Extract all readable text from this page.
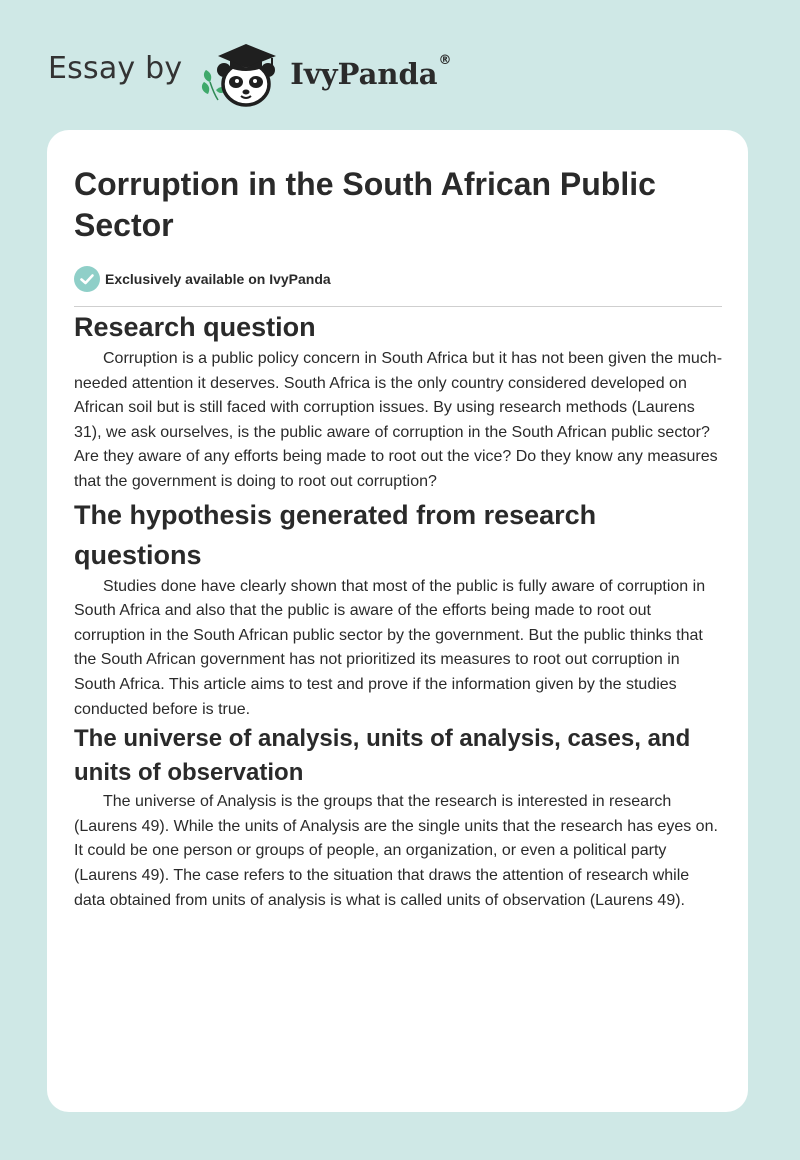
Essay by	IvyPanda ®
Corruption in the South African Public Sector
Exclusively available on IvyPanda
Research question

Corruption is a public policy concern in South Africa but it has not been given the much-needed attention it deserves. South Africa is the only country considered developed on African soil but is still faced with corruption issues. By using research methods (Laurens 31), we ask ourselves, is the public aware of corruption in the South African public sector? Are they aware of any efforts being made to root out the vice? Do they know any measures that the government is doing to root out corruption?

The hypothesis generated from research questions

Studies done have clearly shown that most of the public is fully aware of corruption in South Africa and also that the public is aware of the efforts being made to root out corruption in the South African public sector by the government. But the public thinks that the South African government has not prioritized its measures to root out corruption in South Africa. This article aims to test and prove if the information given by the studies conducted before is true.

The universe of analysis, units of analysis, cases, and units of observation

The universe of Analysis is the groups that the research is interested in research (Laurens 49). While the units of Analysis are the single units that the research has eyes on. It could be one person or groups of people, an organization, or even a political party (Laurens 49). The case refers to the situation that draws the attention of research while data obtained from units of analysis is what is called units of observation (Laurens 49).
